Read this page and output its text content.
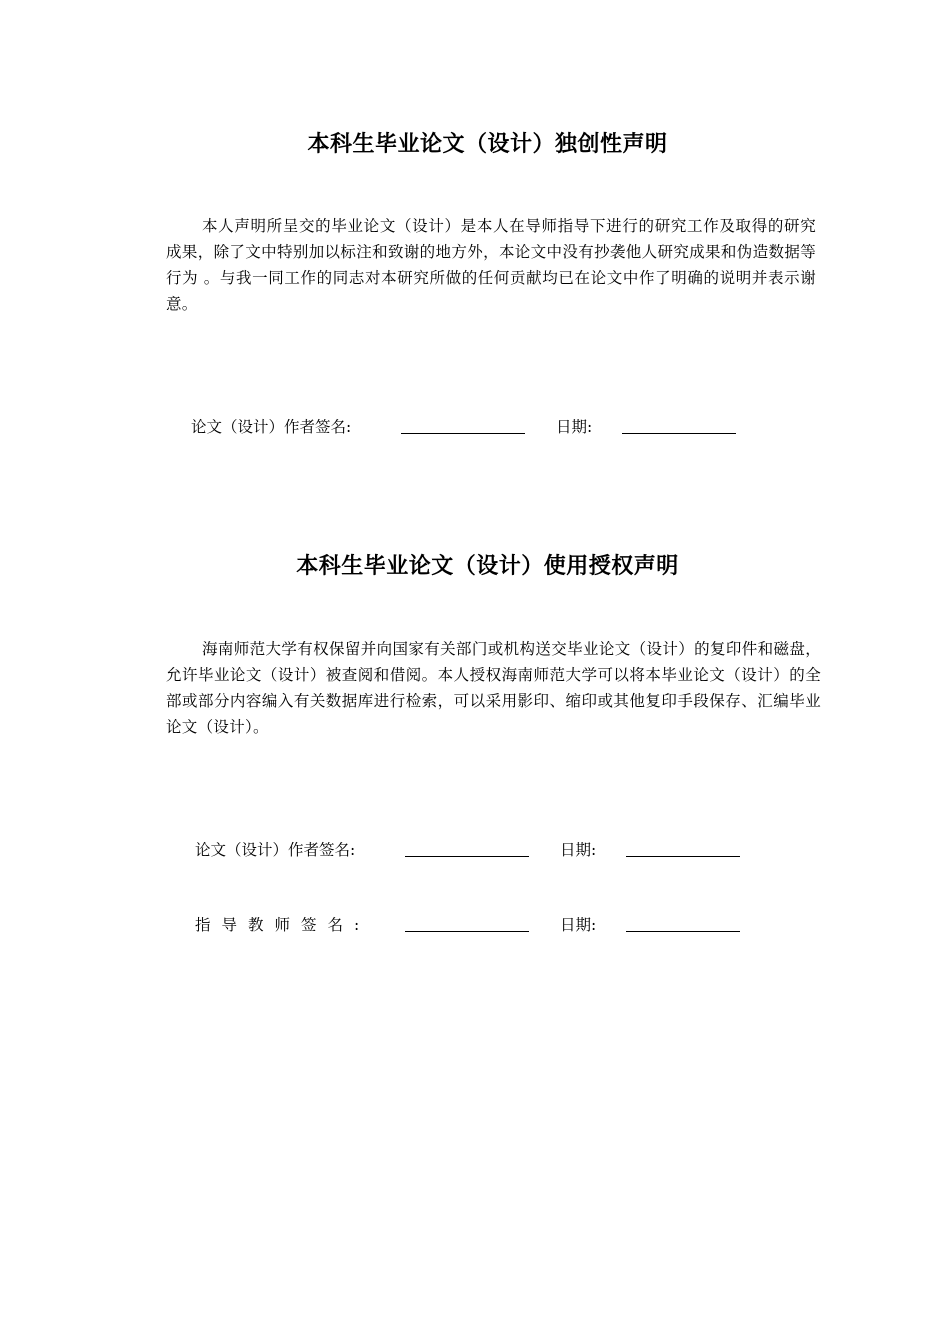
本科生毕业论文（设计）独创性声明

本人声明所呈交的毕业论文（设计）是本人在导师指导下进行的研究工作及取得的研究成果，除了文中特别加以标注和致谢的地方外，本论文中没有抄袭他人研究成果和伪造数据等行为 。与我一同工作的同志对本研究所做的任何贡献均已在论文中作了明确的说明并表示谢意。

论文（设计）作者签名:	日期:
本科生毕业论文（设计）使用授权声明

海南师范大学有权保留并向国家有关部门或机构送交毕业论文（设计）的复印件和磁盘，允许毕业论文（设计）被查阅和借阅。本人授权海南师范大学可以将本毕业论文（设计）的全部或部分内容编入有关数据库进行检索，可以采用影印、缩印或其他复印手段保存、汇编毕业论文（设计）。

论文（设计）作者签名:	日期:
指导教师签名:	日期:
